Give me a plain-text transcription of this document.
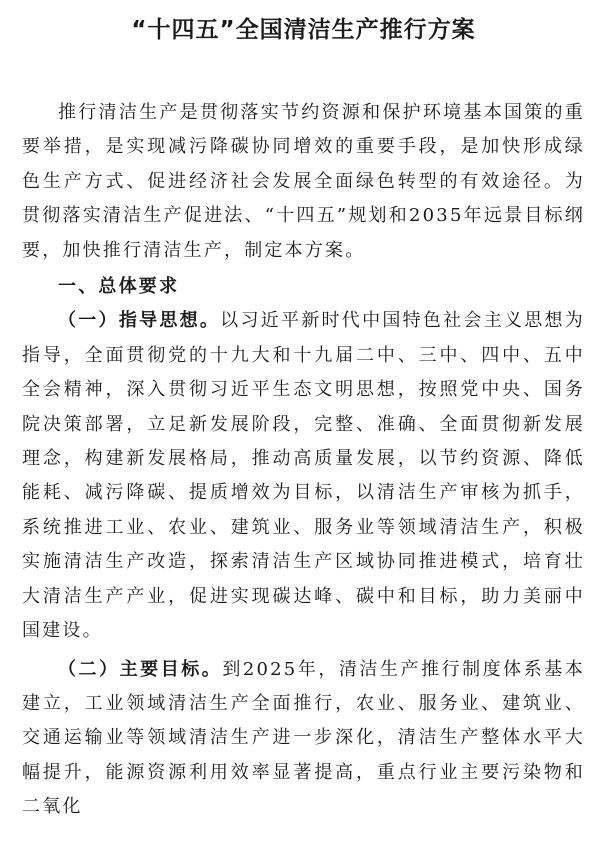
“十四五”全国清洁生产推行方案

推行清洁生产是贯彻落实节约资源和保护环境基本国策的重要举措，是实现减污降碳协同增效的重要手段，是加快形成绿色生产方式、促进经济社会发展全面绿色转型的有效途径。为贯彻落实清洁生产促进法、“十四五”规划和2035年远景目标纲要，加快推行清洁生产，制定本方案。

一、总体要求

（一）指导思想。以习近平新时代中国特色社会主义思想为指导，全面贯彻党的十九大和十九届二中、三中、四中、五中全会精神，深入贯彻习近平生态文明思想，按照党中央、国务院决策部署，立足新发展阶段，完整、准确、全面贯彻新发展理念，构建新发展格局，推动高质量发展，以节约资源、降低能耗、减污降碳、提质增效为目标，以清洁生产审核为抓手，系统推进工业、农业、建筑业、服务业等领域清洁生产，积极实施清洁生产改造，探索清洁生产区域协同推进模式，培育壮大清洁生产产业，促进实现碳达峰、碳中和目标，助力美丽中国建设。

（二）主要目标。到2025年，清洁生产推行制度体系基本建立，工业领域清洁生产全面推行，农业、服务业、建筑业、交通运输业等领域清洁生产进一步深化，清洁生产整体水平大幅提升，能源资源利用效率显著提高，重点行业主要污染物和二氧化
